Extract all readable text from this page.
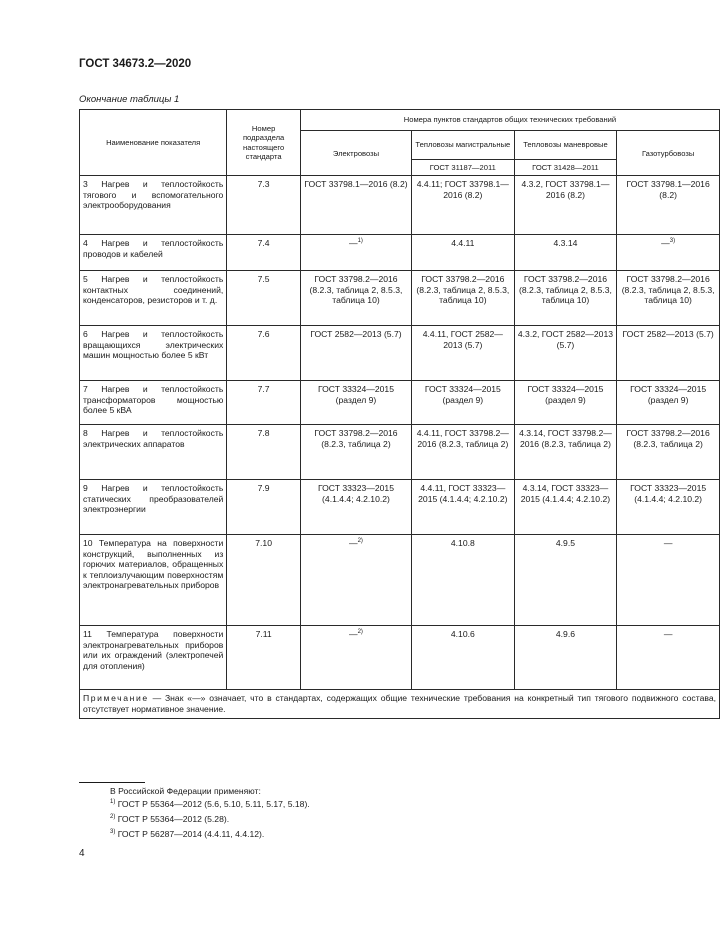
ГОСТ 34673.2—2020
Окончание таблицы 1
Наименование показателя	Номер подраздела настоящего стандарта	Номера пунктов стандартов общих технических требований			
		Электровозы	Тепловозы магистральные	Тепловозы маневровые	Газотурбовозы
			ГОСТ 31187—2011	ГОСТ 31428—2011	
3 Нагрев и теплостойкость тягового и вспомогательного электрооборудования	7.3	ГОСТ 33798.1—2016 (8.2)	4.4.11; ГОСТ 33798.1—2016 (8.2)	4.3.2, ГОСТ 33798.1—2016 (8.2)	ГОСТ 33798.1—2016 (8.2)
4 Нагрев и теплостойкость проводов и кабелей	7.4	—$^{1)}$	4.4.11	4.3.14	—$^{3)}$
5 Нагрев и теплостойкость контактных соединений, конденсаторов, резисторов и т. д.	7.5	ГОСТ 33798.2—2016 (8.2.3, таблица 2, 8.5.3, таблица 10)	ГОСТ 33798.2—2016 (8.2.3, таблица 2, 8.5.3, таблица 10)	ГОСТ 33798.2—2016 (8.2.3, таблица 2, 8.5.3, таблица 10)	ГОСТ 33798.2—2016 (8.2.3, таблица 2, 8.5.3, таблица 10)
6 Нагрев и теплостойкость вращающихся электрических машин мощностью более 5 кВт	7.6	ГОСТ 2582—2013 (5.7)	4.4.11, ГОСТ 2582—2013 (5.7)	4.3.2, ГОСТ 2582—2013 (5.7)	ГОСТ 2582—2013 (5.7)
7 Нагрев и теплостойкость трансформаторов мощностью более 5 кВА	7.7	ГОСТ 33324—2015 (раздел 9)	ГОСТ 33324—2015 (раздел 9)	ГОСТ 33324—2015 (раздел 9)	ГОСТ 33324—2015 (раздел 9)
8 Нагрев и теплостойкость электрических аппаратов	7.8	ГОСТ 33798.2—2016 (8.2.3, таблица 2)	4.4.11, ГОСТ 33798.2—2016 (8.2.3, таблица 2)	4.3.14, ГОСТ 33798.2—2016 (8.2.3, таблица 2)	ГОСТ 33798.2—2016 (8.2.3, таблица 2)
9 Нагрев и теплостойкость статических преобразователей электроэнергии	7.9	ГОСТ 33323—2015 (4.1.4.4; 4.2.10.2)	4.4.11, ГОСТ 33323—2015 (4.1.4.4; 4.2.10.2)	4.3.14, ГОСТ 33323—2015 (4.1.4.4; 4.2.10.2)	ГОСТ 33323—2015 (4.1.4.4; 4.2.10.2)
10 Температура на поверхности конструкций, выполненных из горючих материалов, обращенных к теплоизлучающим поверхностям электронагревательных приборов	7.10	—$^{2)}$	4.10.8	4.9.5	—
11 Температура поверхности электронагревательных приборов или их ограждений (электропечей для отопления)	7.11	—$^{2)}$	4.10.6	4.9.6	—
Примечание — Знак «—» означает, что в стандартах, содержащих общие технические требования на конкретный тип тягового подвижного состава, отсутствует нормативное значение.					
В Российской Федерации применяют:
$^{1)}$ ГОСТ Р 55364—2012 (5.6, 5.10, 5.11, 5.17, 5.18).
$^{2)}$ ГОСТ Р 55364—2012 (5.28).
$^{3)}$ ГОСТ Р 56287—2014 (4.4.11, 4.4.12).
4
